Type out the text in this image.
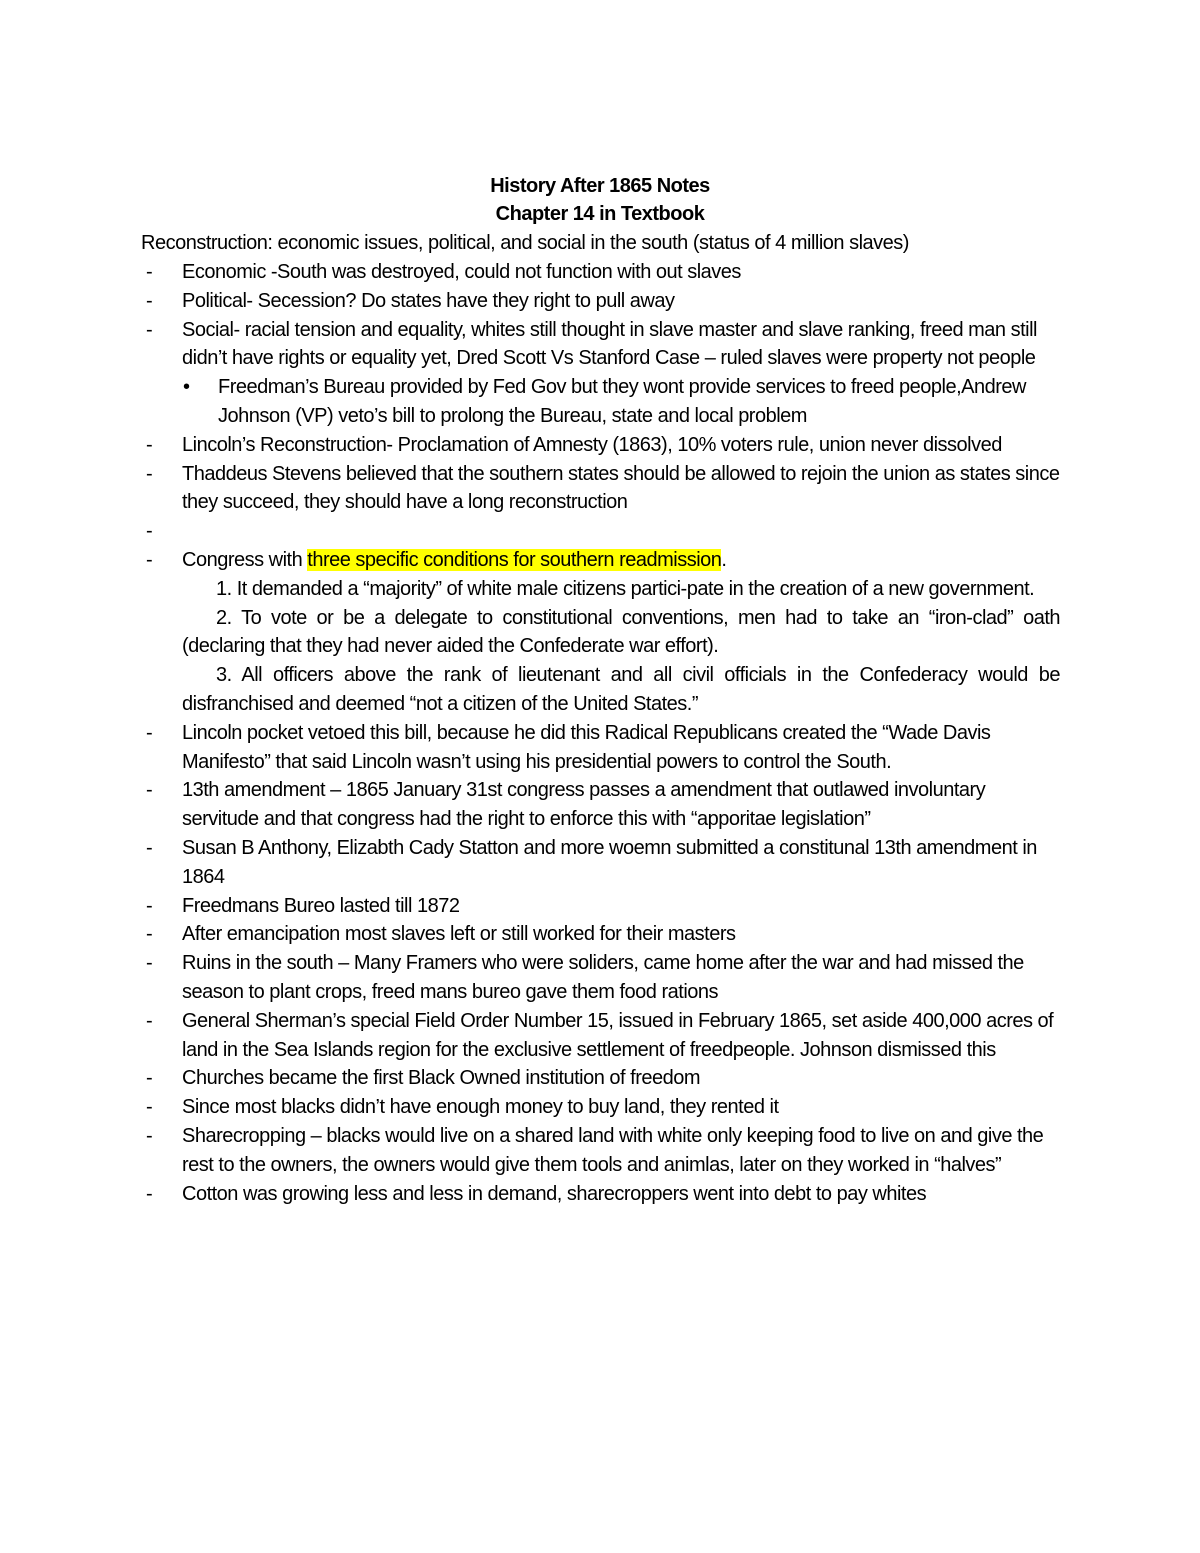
History After 1865 Notes
Chapter 14 in Textbook
Reconstruction: economic issues, political, and social in the south (status of 4 million slaves)
- Economic -South was destroyed, could not function with out slaves
- Political- Secession? Do states have they right to pull away
- Social- racial tension and equality, whites still thought in slave master and slave ranking, freed man still didn’t have rights or equality yet, Dred Scott Vs Stanford Case – ruled slaves were property not people
• Freedman’s Bureau provided by Fed Gov but they wont provide services to freed people,Andrew Johnson (VP) veto’s bill to prolong the Bureau, state and local problem
- Lincoln’s Reconstruction- Proclamation of Amnesty (1863), 10% voters rule, union never dissolved
- Thaddeus Stevens believed that the southern states should be allowed to rejoin the union as states since they succeed, they should have a long reconstruction
-

- Congress with three specific conditions for southern readmission.
1. It demanded a “majority” of white male citizens partici-pate in the creation of a new government.
2. To vote or be a delegate to constitutional conventions, men had to take an “iron-clad” oath (declaring that they had never aided the Confederate war effort).
3. All officers above the rank of lieutenant and all civil officials in the Confederacy would be disfranchised and deemed “not a citizen of the United States.”
- Lincoln pocket vetoed this bill, because he did this Radical Republicans created the “Wade Davis Manifesto” that said Lincoln wasn’t using his presidential powers to control the South.
- 13th amendment – 1865 January 31st congress passes a amendment that outlawed involuntary servitude and that congress had the right to enforce this with “apporitae legislation”
- Susan B Anthony, Elizabth Cady Statton and more woemn submitted a constitunal 13th amendment in 1864
- Freedmans Bureo lasted till 1872
- After emancipation most slaves left or still worked for their masters
- Ruins in the south – Many Framers who were soliders, came home after the war and had missed the season to plant crops, freed mans bureo gave them food rations
- General Sherman’s special Field Order Number 15, issued in February 1865, set aside 400,000 acres of land in the Sea Islands region for the exclusive settlement of freedpeople. Johnson dismissed this
- Churches became the first Black Owned institution of freedom
- Since most blacks didn’t have enough money to buy land, they rented it
- Sharecropping – blacks would live on a shared land with white only keeping food to live on and give the rest to the owners, the owners would give them tools and animlas, later on they worked in “halves”
- Cotton was growing less and less in demand, sharecroppers went into debt to pay whites
